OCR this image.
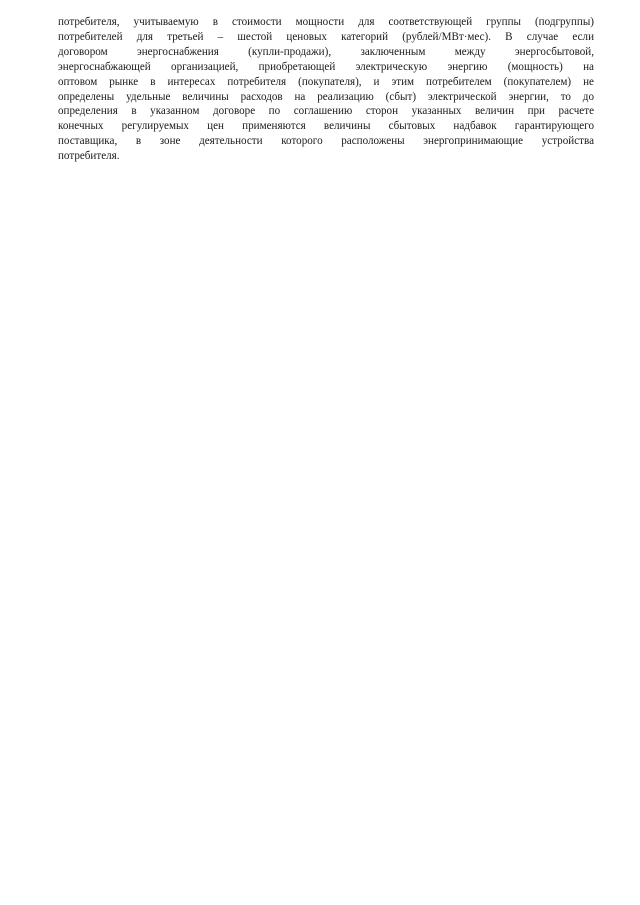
потребителя, учитываемую в стоимости мощности для соответствующей группы (подгруппы)
потребителей для третьей – шестой ценовых категорий (рублей/МВт·мес). В случае если
договором энергоснабжения (купли-продажи), заключенным между энергосбытовой,
энергоснабжающей организацией, приобретающей электрическую энергию (мощность) на
оптовом рынке в интересах потребителя (покупателя), и этим потребителем (покупателем) не
определены удельные величины расходов на реализацию (сбыт) электрической энергии, то до
определения в указанном договоре по соглашению сторон указанных величин при расчете
конечных регулируемых цен применяются величины сбытовых надбавок гарантирующего
поставщика, в зоне деятельности которого расположены энергопринимающие устройства
потребителя.
